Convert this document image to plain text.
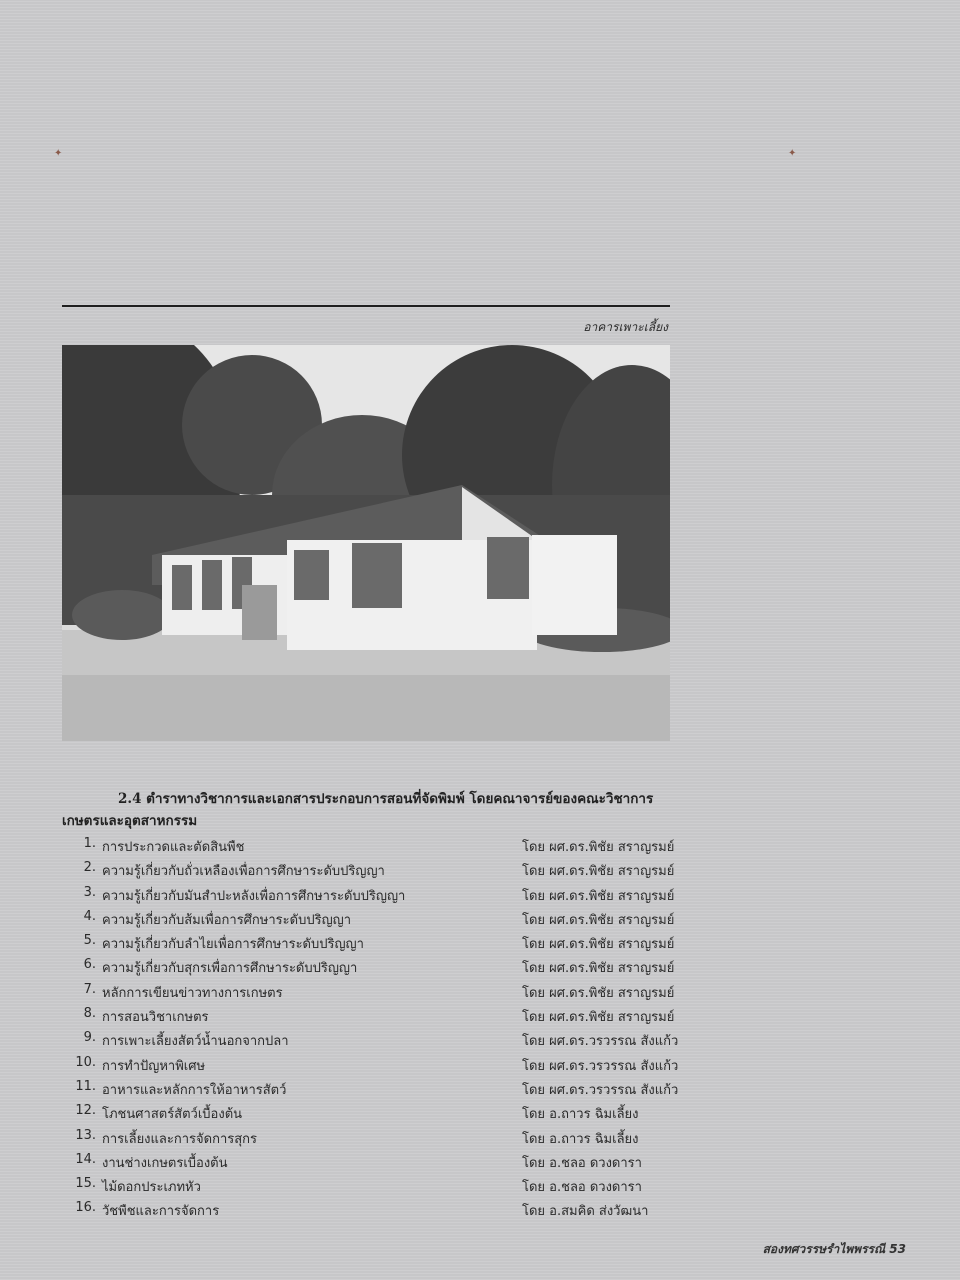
✦	✦
อาคารเพาะเลี้ยง
2.4 ตำราทางวิชาการและเอกสารประกอบการสอนที่จัดพิมพ์ โดยคณาจารย์ของคณะวิชาการ
เกษตรและอุตสาหกรรม
1. การประกวดและตัดสินพืช	โดย ผศ.ดร.พิชัย สราญรมย์
2. ความรู้เกี่ยวกับถั่วเหลืองเพื่อการศึกษาระดับปริญญา	โดย ผศ.ดร.พิชัย สราญรมย์
3. ความรู้เกี่ยวกับมันสำปะหลังเพื่อการศึกษาระดับปริญญา	โดย ผศ.ดร.พิชัย สราญรมย์
4. ความรู้เกี่ยวกับส้มเพื่อการศึกษาระดับปริญญา	โดย ผศ.ดร.พิชัย สราญรมย์
5. ความรู้เกี่ยวกับลำไยเพื่อการศึกษาระดับปริญญา	โดย ผศ.ดร.พิชัย สราญรมย์
6. ความรู้เกี่ยวกับสุกรเพื่อการศึกษาระดับปริญญา	โดย ผศ.ดร.พิชัย สราญรมย์
7. หลักการเขียนข่าวทางการเกษตร	โดย ผศ.ดร.พิชัย สราญรมย์
8. การสอนวิชาเกษตร	โดย ผศ.ดร.พิชัย สราญรมย์
9. การเพาะเลี้ยงสัตว์น้ำนอกจากปลา	โดย ผศ.ดร.วรวรรณ สังแก้ว
10. การทำปัญหาพิเศษ	โดย ผศ.ดร.วรวรรณ สังแก้ว
11. อาหารและหลักการให้อาหารสัตว์	โดย ผศ.ดร.วรวรรณ สังแก้ว
12. โภชนศาสตร์สัตว์เบื้องต้น	โดย อ.ถาวร ฉิมเลี้ยง
13. การเลี้ยงและการจัดการสุกร	โดย อ.ถาวร ฉิมเลี้ยง
14. งานช่างเกษตรเบื้องต้น	โดย อ.ชลอ ดวงดารา
15. ไม้ดอกประเภทหัว	โดย อ.ชลอ ดวงดารา
16. วัชพืชและการจัดการ	โดย อ.สมคิด ส่งวัฒนา
สองทศวรรษรำไพพรรณี 53
